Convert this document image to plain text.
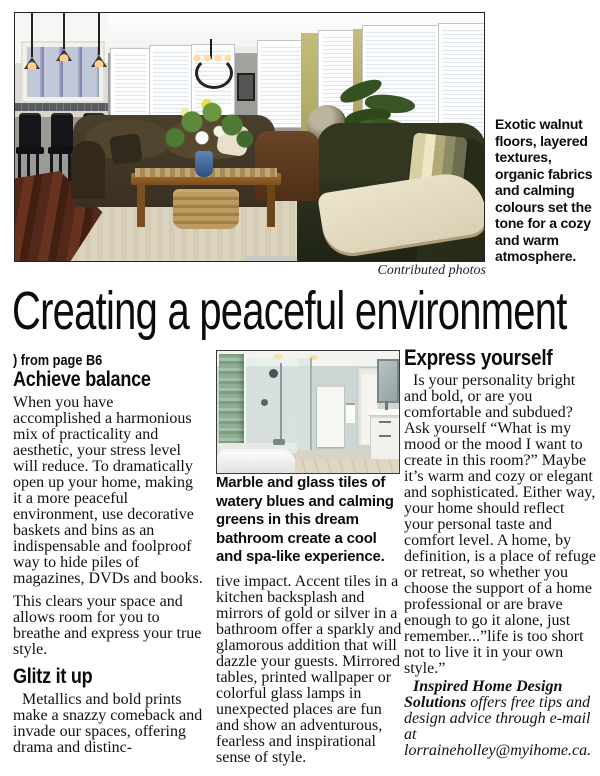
Exotic walnut floors, layered textures, organic fabrics and calming colours set the tone for a cozy and warm atmosphere.
Contributed photos
Creating a peaceful environment
) from page B6
Achieve balance

When you have accomplished a harmonious mix of practicality and aesthetic, your stress level will reduce. To dramatically open up your home, making it a more peaceful environment, use decorative baskets and bins as an indispensable and foolproof way to hide piles of magazines, DVDs and books.

This clears your space and allows room for you to breathe and express your true style.

Glitz it up

Metallics and bold prints make a snazzy comeback and invade our spaces, offering drama and distinc-

Marble and glass tiles of watery blues and calming greens in this dream bathroom create a cool and spa-like experience.

tive impact. Accent tiles in a kitchen backsplash and mirrors of gold or silver in a bathroom offer a sparkly and glamorous addition that will dazzle your guests. Mirrored tables, printed wallpaper or colorful glass lamps in unexpected places are fun and show an adventurous, fearless and inspirational sense of style.

Express yourself

Is your personality bright and bold, or are you comfortable and subdued? Ask yourself “What is my mood or the mood I want to create in this room?” Maybe it’s warm and cozy or elegant and sophisticated. Either way, your home should reflect your personal taste and comfort level. A home, by definition, is a place of refuge or retreat, so whether you choose the support of a home professional or are brave enough to go it alone, just remember...”life is too short not to live it in your own style.”

Inspired Home Design Solutions offers free tips and design advice through e-mail at lorraineholley@myihome.ca.
